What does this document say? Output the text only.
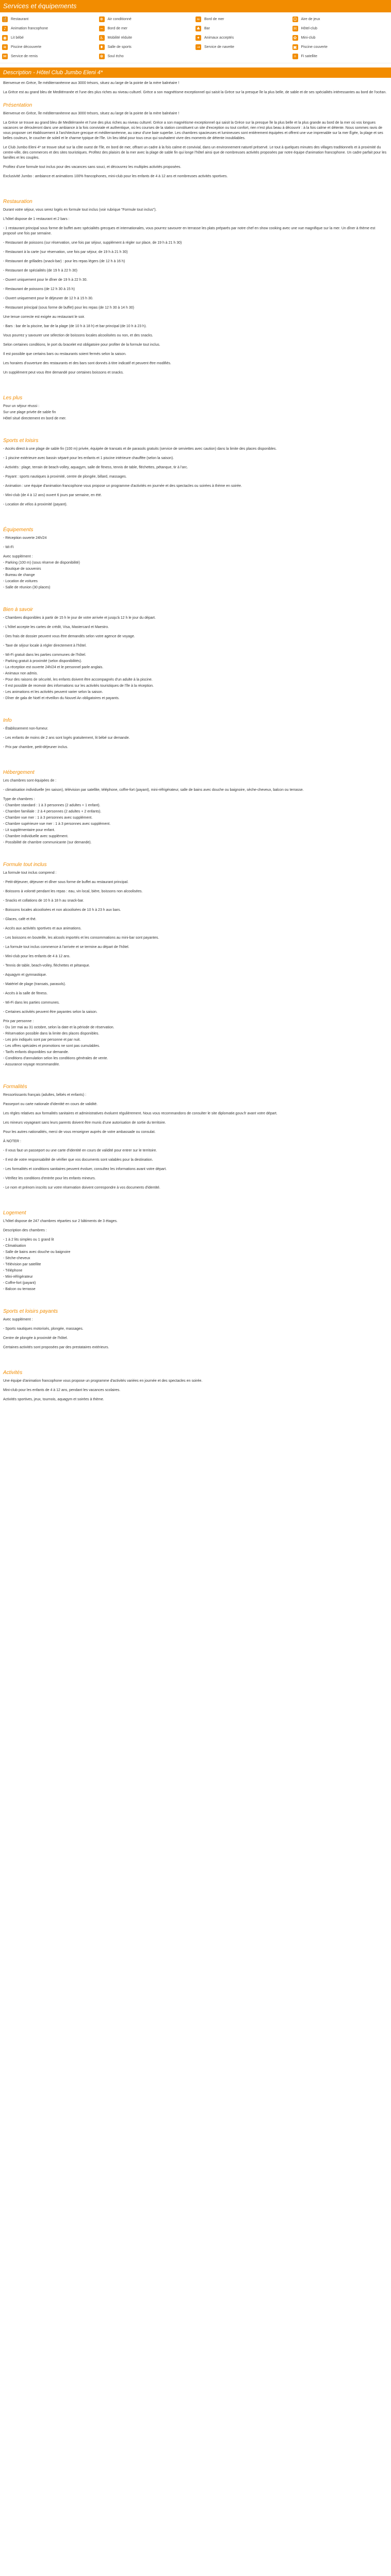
Services et équipements
🍴 Restaurant	❄	Air conditionné	≈	Bord de mer	☺ Aire de jeux
♪	Animation francophone	~	Bord de mer	♣ Bar	H	Hôtel-club
◉ Lit bébé	♿ Mobilité réduite	✦	Animaux acceptés	✿	Mini-club
≋	Piscine découverte	♦ Salle de sports	→	Service de navette	▣ Piscine couverte
✉	Service de remis	✻	Soul écho	✧	Fi satellite
Description - Hôtel Club Jumbo Eleni 4*

Bienvenue en Grèce, île méditerranéenne aux 3000 trésors, situez au large de la pointe de la mère balnéaire !

La Grèce est au grand bleu de Meditérranée et l'une des plus riches au niveau culturel. Grèce a son magnétisme exceptionnel qui saisit la Grèce sur la presque île la plus belle, de sable et de ses spécialités intéressantes au bord de l'océan.

Présentation

Bienvenue en Grèce, île méditerranéenne aux 3000 trésors, situez au large de la pointe de la mère balnéaire !

La Grèce se trouve au grand bleu de Meditérranée et l'une des plus riches au niveau culturel. Grèce a son magnétisme exceptionnel qui saisit la Grèce sur la presque île la plus belle et la plus grande au bord de la mer où vos longues vacances se dérouleront dans une ambiance à la fois conviviale et authentique, où les courses de la station constituent un site d'exception ou tout confort, rien n'est plus beau à découvrir : à la fois calme et détente. Nous sommes ravis de vous proposer cet établissement à l'architecture grecque et méditerranéenne, au cœur d'une baie superbe. Les chambres spacieuses et lumineuses sont entièrement équipées et offrent une vue imprenable sur la mer Égée, la plage et ses belles couleurs, le coucher de soleil et le charme typique de l'île. Un lieu idéal pour tous ceux qui souhaitent vivre des moments de détente inoubliables.

Le Club Jumbo Eleni 4* se trouve situé sur la côte ouest de l'île, en bord de mer, offrant un cadre à la fois calme et convivial, dans un environnement naturel préservé. Le tout à quelques minutes des villages traditionnels et à proximité du centre-ville, des commerces et des sites touristiques. Profitez des plaisirs de la mer avec la plage de sable fin qui longe l'hôtel ainsi que de nombreuses activités proposées par notre équipe d'animation francophone. Un cadre parfait pour les familles et les couples.

Profitez d'une formule tout inclus pour des vacances sans souci, et découvrez les multiples activités proposées.

Exclusivité Jumbo : ambiance et animations 100% francophones, mini-club pour les enfants de 4 à 12 ans et nombreuses activités sportives.

Restauration

Durant votre séjour, vous serez logés en formule tout inclus (voir rubrique "Formule tout inclus").

L'hôtel dispose de 1 restaurant et 2 bars :

- 1 restaurant principal sous forme de buffet avec spécialités grecques et internationales, vous pourrez savourer en terrasse les plats préparés par notre chef en show cooking avec une vue magnifique sur la mer. Un dîner à thème est proposé une fois par semaine.

- Restaurant de poissons (sur réservation, une fois par séjour, supplément à régler sur place, de 19 h à 21 h 30)

- Restaurant à la carte (sur réservation, une fois par séjour, de 19 h à 21 h 30)

- Restaurant de grillades (snack-bar) : pour les repas légers (de 12 h à 16 h)

- Restaurant de spécialités (de 19 h à 22 h 30)

- Ouvert uniquement pour le dîner de 19 h à 22 h 30.

- Restaurant de poissons (de 12 h 30 à 15 h)

- Ouvert uniquement pour le déjeuner de 12 h à 15 h 30.

- Restaurant principal (sous forme de buffet) pour les repas (de 12 h 30 à 14 h 30)

Une tenue correcte est exigée au restaurant le soir.

- Bars : bar de la piscine, bar de la plage (de 10 h à 18 h) et bar principal (de 10 h à 23 h).

Vous pourrez y savourer une sélection de boissons locales alcoolisées ou non, et des snacks.

Selon certaines conditions, le port du bracelet est obligatoire pour profiter de la formule tout inclus.

Il est possible que certains bars ou restaurants soient fermés selon la saison.

Les horaires d'ouverture des restaurants et des bars sont donnés à titre indicatif et peuvent être modifiés.

Un supplément peut vous être demandé pour certaines boissons et snacks.

Les plus
Pour un séjour réussi :
Sur une plage privée de sable fin
Hôtel situé directement en bord de mer.
Sports et loisirs

- Accès direct à une plage de sable fin (100 m) privée, équipée de transats et de parasols gratuits (service de serviettes avec caution) dans la limite des places disponibles.

- 1 piscine extérieure avec bassin séparé pour les enfants et 1 piscine intérieure chauffée (selon la saison).

- Activités : plage, terrain de beach-volley, aquagym, salle de fitness, tennis de table, fléchettes, pétanque, tir à l'arc.

- Payant : sports nautiques à proximité, centre de plongée, billard, massages.

- Animation : une équipe d'animation francophone vous propose un programme d'activités en journée et des spectacles ou soirées à thème en soirée.

- Mini-club (de 4 à 12 ans) ouvert 6 jours par semaine, en été.

- Location de vélos à proximité (payant).

Équipements

- Réception ouverte 24h/24

- Wi-Fi

Avec supplément :
- Parking (100 m) (sous réserve de disponibilité)
- Boutique de souvenirs
- Bureau de change
- Location de voitures
- Salle de réunion (30 places)
Bien à savoir

- Chambres disponibles à partir de 15 h le jour de votre arrivée et jusqu'à 12 h le jour du départ.

- L'hôtel accepte les cartes de crédit, Visa, Mastercard et Maestro.

- Des frais de dossier peuvent vous être demandés selon votre agence de voyage.

- Taxe de séjour locale à régler directement à l'hôtel.

- Wi-Fi gratuit dans les parties communes de l'hôtel.
- Parking gratuit à proximité (selon disponibilités).
- La réception est ouverte 24h/24 et le personnel parle anglais.
- Animaux non admis.
- Pour des raisons de sécurité, les enfants doivent être accompagnés d'un adulte à la piscine.
- Il est possible de recevoir des informations sur les activités touristiques de l'île à la réception.
- Les animations et les activités peuvent varier selon la saison.
- Dîner de gala de Noël et réveillon du Nouvel An obligatoires et payants.
Info

- Établissement non-fumeur.

- Les enfants de moins de 2 ans sont logés gratuitement, lit bébé sur demande.

- Prix par chambre, petit-déjeuner inclus.

Hébergement

Les chambres sont équipées de :

- climatisation individuelle (en saison), télévision par satellite, téléphone, coffre-fort (payant), mini-réfrigérateur, salle de bains avec douche ou baignoire, sèche-cheveux, balcon ou terrasse.

Type de chambres :
- Chambre standard : 1 à 3 personnes (2 adultes + 1 enfant).
- Chambre familiale : 2 à 4 personnes (2 adultes + 2 enfants).
- Chambre vue mer : 1 à 3 personnes avec supplément.
- Chambre supérieure vue mer : 1 à 3 personnes avec supplément.
- Lit supplémentaire pour enfant.
- Chambre individuelle avec supplément.
- Possibilité de chambre communicante (sur demande).
Formule tout inclus

La formule tout inclus comprend :

- Petit-déjeuner, déjeuner et dîner sous forme de buffet au restaurant principal.

- Boissons à volonté pendant les repas : eau, vin local, bière, boissons non alcoolisées.

- Snacks et collations de 10 h à 18 h au snack-bar.

- Boissons locales alcoolisées et non alcoolisées de 10 h à 23 h aux bars.

- Glaces, café et thé.

- Accès aux activités sportives et aux animations.

- Les boissons en bouteille, les alcools importés et les consommations au mini-bar sont payantes.

- La formule tout inclus commence à l'arrivée et se termine au départ de l'hôtel.

- Mini-club pour les enfants de 4 à 12 ans.

- Tennis de table, beach-volley, fléchettes et pétanque.

- Aquagym et gymnastique.

- Matériel de plage (transats, parasols).

- Accès à la salle de fitness.

- Wi-Fi dans les parties communes.

- Certaines activités peuvent être payantes selon la saison.

Prix par personne :
- Du 1er mai au 31 octobre, selon la date et la période de réservation.
- Réservation possible dans la limite des places disponibles.
- Les prix indiqués sont par personne et par nuit.
- Les offres spéciales et promotions ne sont pas cumulables.
- Tarifs enfants disponibles sur demande.
- Conditions d'annulation selon les conditions générales de vente.
- Assurance voyage recommandée.
Formalités

Ressortissants français (adultes, bébés et enfants) :

Passeport ou carte nationale d'identité en cours de validité.

Les règles relatives aux formalités sanitaires et administratives évoluent régulièrement. Nous vous recommandons de consulter le site diplomatie.gouv.fr avant votre départ.

Les mineurs voyageant sans leurs parents doivent être munis d'une autorisation de sortie du territoire.

Pour les autres nationalités, merci de vous renseigner auprès de votre ambassade ou consulat.

À NOTER :

- Il vous faut un passeport ou une carte d'identité en cours de validité pour entrer sur le territoire.

- Il est de votre responsabilité de vérifier que vos documents sont valables pour la destination.

- Les formalités et conditions sanitaires peuvent évoluer, consultez les informations avant votre départ.

- Vérifiez les conditions d'entrée pour les enfants mineurs.

- Le nom et prénom inscrits sur votre réservation doivent correspondre à vos documents d'identité.

Logement

L'hôtel dispose de 247 chambres réparties sur 2 bâtiments de 3 étages.

Description des chambres :

- 1 à 2 lits simples ou 1 grand lit
- Climatisation
- Salle de bains avec douche ou baignoire
- Sèche-cheveux
- Télévision par satellite
- Téléphone
- Mini-réfrigérateur
- Coffre-fort (payant)
- Balcon ou terrasse
Sports et loisirs payants

Avec supplément :

- Sports nautiques motorisés, plongée, massages.

Centre de plongée à proximité de l'hôtel.

Certaines activités sont proposées par des prestataires extérieurs.

Activités

Une équipe d'animation francophone vous propose un programme d'activités variées en journée et des spectacles en soirée.

Mini-club pour les enfants de 4 à 12 ans, pendant les vacances scolaires.

Activités sportives, jeux, tournois, aquagym et soirées à thème.
